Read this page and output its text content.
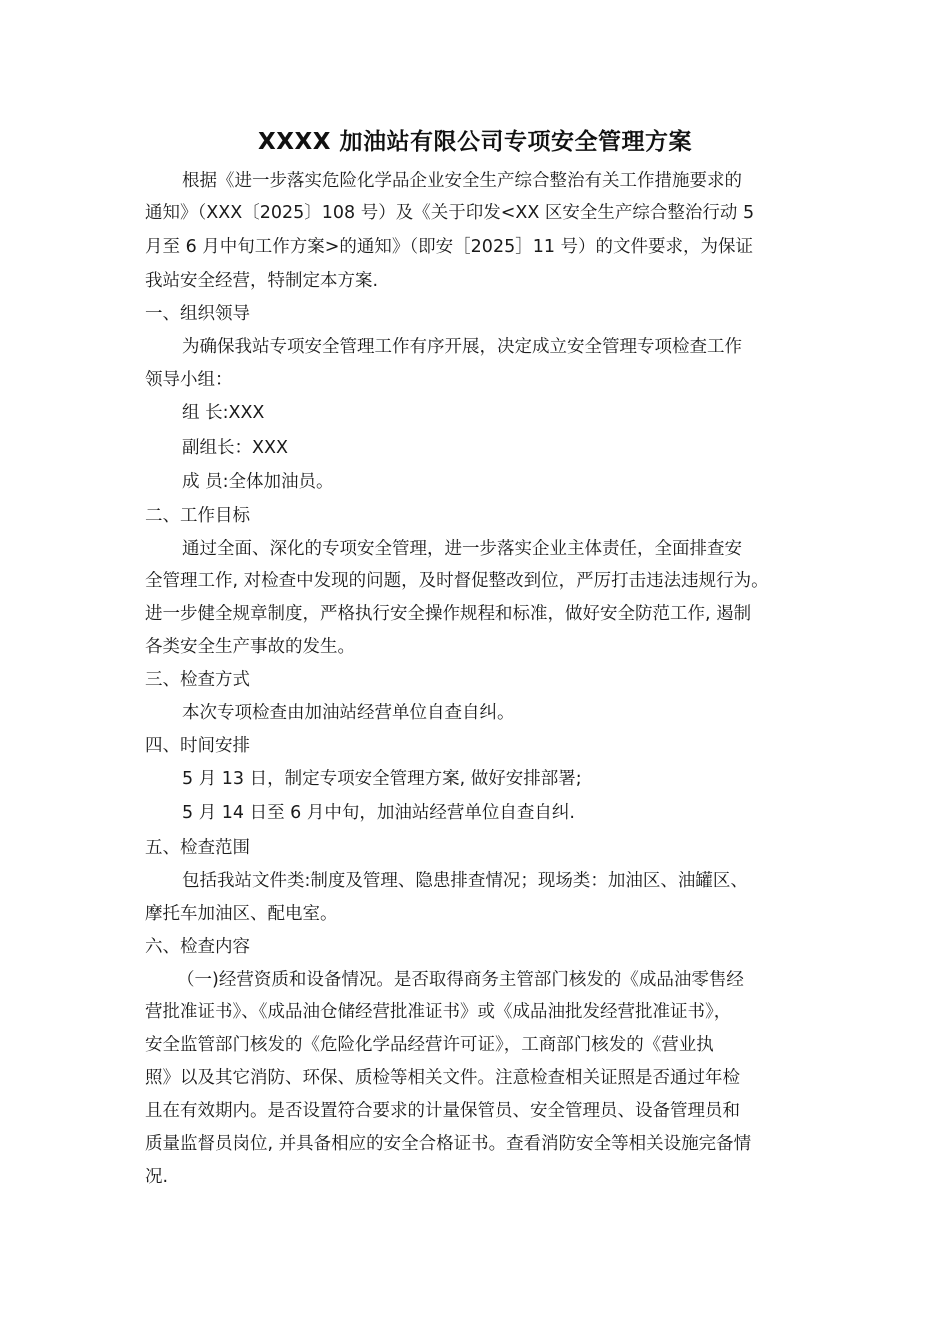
XXXX 加油站有限公司专项安全管理方案
根据《进一步落实危险化学品企业安全生产综合整治有关工作措施要求的
通知》（XXX〔2025〕108 号）及《关于印发<XX 区安全生产综合整治行动 5
月至 6 月中旬工作方案>的通知》（即安［2025］11 号）的文件要求，为保证
我站安全经营，特制定本方案.
一、组织领导
为确保我站专项安全管理工作有序开展，决定成立安全管理专项检查工作
领导小组：
组 长:XXX
副组长：XXX
成 员:全体加油员。
二、工作目标
通过全面、深化的专项安全管理，进一步落实企业主体责任，全面排查安
全管理工作, 对检查中发现的问题，及时督促整改到位，严厉打击违法违规行为。
进一步健全规章制度，严格执行安全操作规程和标准，做好安全防范工作, 遏制
各类安全生产事故的发生。
三、检查方式
本次专项检查由加油站经营单位自查自纠。
四、时间安排
5 月 13 日，制定专项安全管理方案, 做好安排部署;
5 月 14 日至 6 月中旬，加油站经营单位自查自纠.
五、检查范围
包括我站文件类:制度及管理、隐患排查情况；现场类：加油区、油罐区、
摩托车加油区、配电室。
六、检查内容
（一)经营资质和设备情况。是否取得商务主管部门核发的《成品油零售经
营批准证书》、《成品油仓储经营批准证书》或《成品油批发经营批准证书》，
安全监管部门核发的《危险化学品经营许可证》，工商部门核发的《营业执
照》以及其它消防、环保、质检等相关文件。注意检查相关证照是否通过年检
且在有效期内。是否设置符合要求的计量保管员、安全管理员、设备管理员和
质量监督员岗位, 并具备相应的安全合格证书。查看消防安全等相关设施完备情
况.
